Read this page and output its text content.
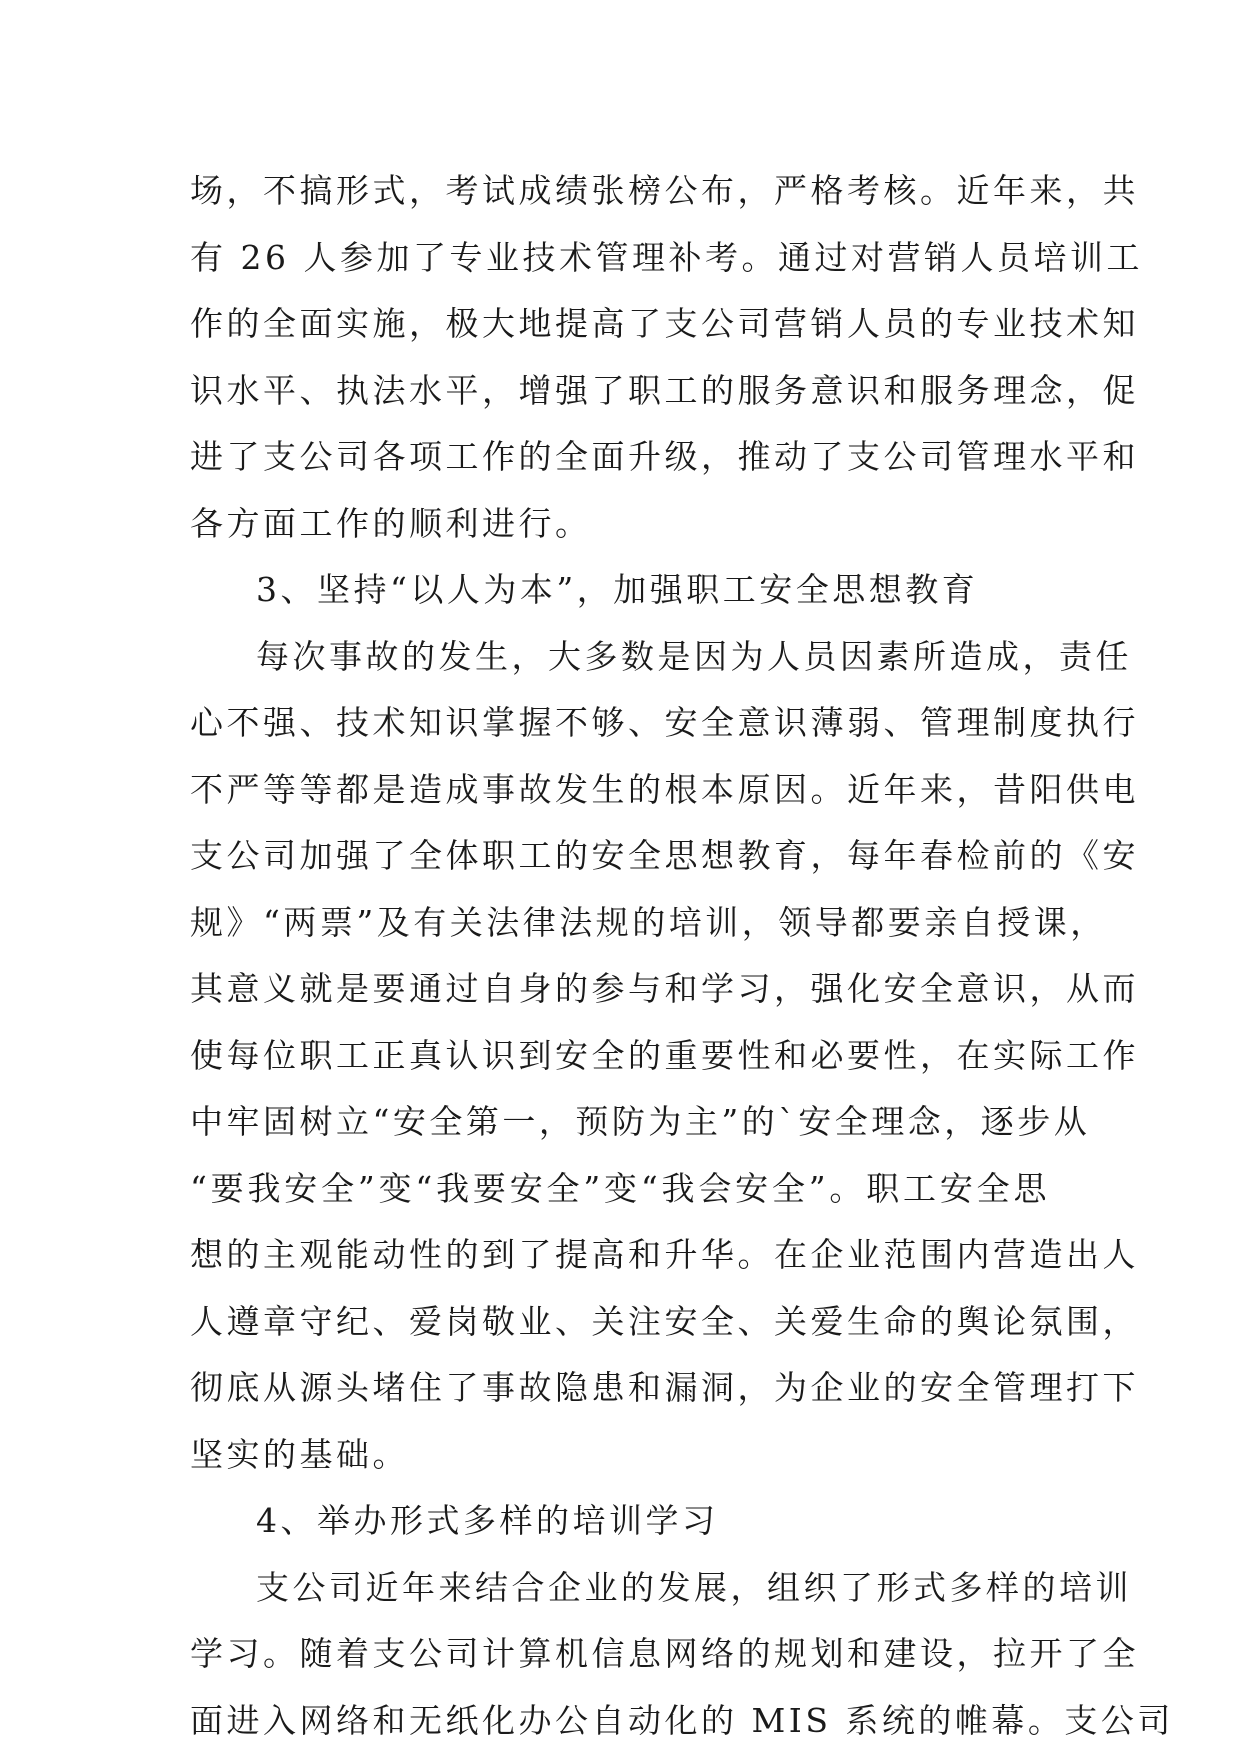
场，不搞形式，考试成绩张榜公布，严格考核。近年来，共
有 26 人参加了专业技术管理补考。通过对营销人员培训工
作的全面实施，极大地提高了支公司营销人员的专业技术知
识水平、执法水平，增强了职工的服务意识和服务理念，促
进了支公司各项工作的全面升级，推动了支公司管理水平和
各方面工作的顺利进行。
3、坚持“以人为本”，加强职工安全思想教育
每次事故的发生，大多数是因为人员因素所造成，责任
心不强、技术知识掌握不够、安全意识薄弱、管理制度执行
不严等等都是造成事故发生的根本原因。近年来，昔阳供电
支公司加强了全体职工的安全思想教育，每年春检前的《安
规》“两票”及有关法律法规的培训，领导都要亲自授课，
其意义就是要通过自身的参与和学习，强化安全意识，从而
使每位职工正真认识到安全的重要性和必要性，在实际工作
中牢固树立“安全第一，预防为主”的`安全理念，逐步从
“要我安全”变“我要安全”变“我会安全”。职工安全思
想的主观能动性的到了提高和升华。在企业范围内营造出人
人遵章守纪、爱岗敬业、关注安全、关爱生命的舆论氛围，
彻底从源头堵住了事故隐患和漏洞，为企业的安全管理打下
坚实的基础。
4、举办形式多样的培训学习
支公司近年来结合企业的发展，组织了形式多样的培训
学习。随着支公司计算机信息网络的规划和建设，拉开了全
面进入网络和无纸化办公自动化的 MIS 系统的帷幕。支公司
